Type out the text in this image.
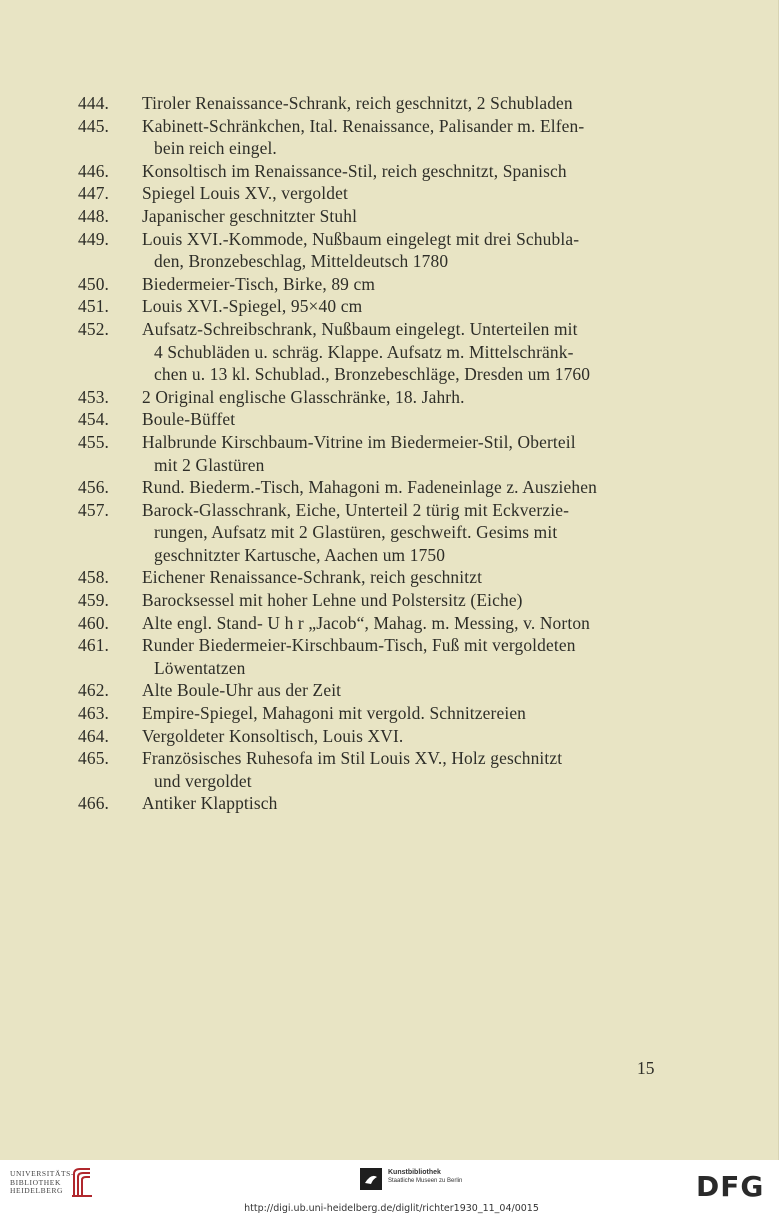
444.	Tiroler Renaissance-Schrank, reich geschnitzt, 2 Schubladen
445.	Kabinett-Schränkchen, Ital. Renaissance, Palisander m. Elfen-
bein reich eingel.
446.	Konsoltisch im Renaissance-Stil, reich geschnitzt, Spanisch
447.	Spiegel Louis XV., vergoldet
448.	Japanischer geschnitzter Stuhl
449.	Louis XVI.-Kommode, Nußbaum eingelegt mit drei Schubla-
den, Bronzebeschlag, Mitteldeutsch 1780
450.	Biedermeier-Tisch, Birke, 89 cm
451.	Louis XVI.-Spiegel, 95×40 cm
452.	Aufsatz-Schreibschrank, Nußbaum eingelegt. Unterteilen mit
4 Schubläden u. schräg. Klappe. Aufsatz m. Mittelschränk-
chen u. 13 kl. Schublad., Bronzebeschläge, Dresden um 1760
453.	2 Original englische Glasschränke, 18. Jahrh.
454.	Boule-Büffet
455.	Halbrunde Kirschbaum-Vitrine im Biedermeier-Stil, Oberteil
mit 2 Glastüren
456.	Rund. Biederm.-Tisch, Mahagoni m. Fadeneinlage z. Ausziehen
457.	Barock-Glasschrank, Eiche, Unterteil 2 türig mit Eckverzie-
rungen, Aufsatz mit 2 Glastüren, geschweift. Gesims mit
geschnitzter Kartusche, Aachen um 1750
458.	Eichener Renaissance-Schrank, reich geschnitzt
459.	Barocksessel mit hoher Lehne und Polstersitz (Eiche)
460.	Alte engl. Stand- U h r „Jacob“, Mahag. m. Messing, v. Norton
461.	Runder Biedermeier-Kirschbaum-Tisch, Fuß mit vergoldeten
Löwentatzen
462.	Alte Boule-Uhr aus der Zeit
463.	Empire-Spiegel, Mahagoni mit vergold. Schnitzereien
464.	Vergoldeter Konsoltisch, Louis XVI.
465.	Französisches Ruhesofa im Stil Louis XV., Holz geschnitzt
und vergoldet
466.	Antiker Klapptisch
15
UNIVERSITÄTS-
BIBLIOTHEK
HEIDELBERG
Kunstbibliothek
Staatliche Museen zu Berlin	DFG
http://digi.ub.uni-heidelberg.de/diglit/richter1930_11_04/0015
